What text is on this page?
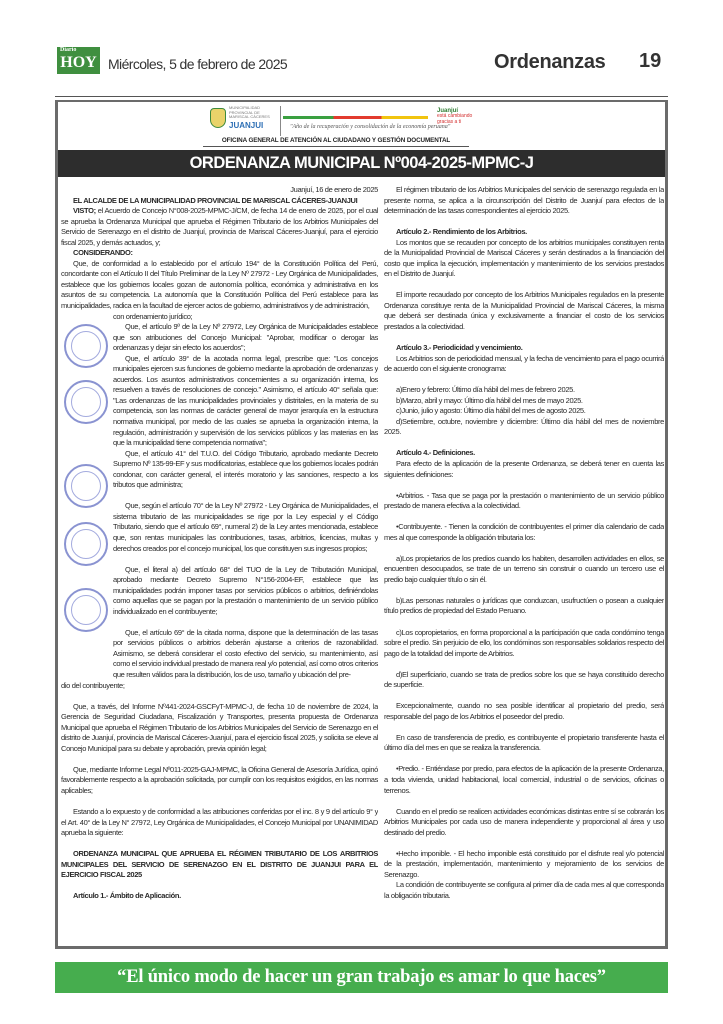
Diario
HOY Miércoles, 5 de febrero de 2025	Ordenanzas 19
MUNICIPALIDAD PROVINCIAL DE MARISCAL CÁCERES
JUANJUI	"Año de la recuperación y consolidación de la economía peruana"
Juanjuí
está cambiando gracias a ti
OFICINA GENERAL DE ATENCIÓN AL CIUDADANO Y GESTIÓN DOCUMENTAL
ORDENANZA MUNICIPAL Nº004-2025-MPMC-J

Juanjuí, 16 de enero de 2025

EL ALCALDE DE LA MUNICIPALIDAD PROVINCIAL DE MARISCAL CÁCERES-JUANJUI

VISTO; el Acuerdo de Concejo N°008-2025-MPMC-J/CM, de fecha 14 de enero de 2025, por el cual se aprueba la Ordenanza Municipal que aprueba el Régimen Tributario de los Arbitrios Municipales del Servicio de Serenazgo en el distrito de Juanjuí, provincia de Mariscal Cáceres-Juanjuí, para el ejercicio fiscal 2025, y demás actuados, y;

CONSIDERANDO:

Que, de conformidad a lo establecido por el artículo 194° de la Constitución Política del Perú, concordante con el Artículo II del Título Preliminar de la Ley Nº 27972 - Ley Orgánica de Municipalidades, establece que los gobiernos locales gozan de autonomía política, económica y administrativa en los asuntos de su competencia. La autonomía que la Constitución Política del Perú establece para las municipalidades, radica en la facultad de ejercer actos de gobierno, administrativos y de administración,

con ordenamiento jurídico;

Que, el artículo 9º de la Ley Nº 27972, Ley Orgánica de Municipalidades establece que son atribuciones del Concejo Municipal: "Aprobar, modificar o derogar las ordenanzas y dejar sin efecto los acuerdos";

Que, el artículo 39° de la acotada norma legal, prescribe que: "Los concejos municipales ejercen sus funciones de gobierno mediante la aprobación de ordenanzas y acuerdos. Los asuntos administrativos concernientes a su organización interna, los resuelven a través de resoluciones de concejo." Asimismo, el artículo 40° señala que: "Las ordenanzas de las municipalidades provinciales y distritales, en la materia de su competencia, son las normas de carácter general de mayor jerarquía en la estructura normativa municipal, por medio de las cuales se aprueba la organización interna, la regulación, administración y supervisión de los servicios públicos y las materias en las que la municipalidad tiene competencia normativa";

Que, el artículo 41° del T.U.O. del Código Tributario, aprobado mediante Decreto Supremo Nº 135-99-EF y sus modificatorias, establece que los gobiernos locales podrán condonar, con carácter general, el interés moratorio y las sanciones, respecto a los tributos que administra;

Que, según el artículo 70° de la Ley Nº 27972 - Ley Orgánica de Municipalidades, el sistema tributario de las municipalidades se rige por la Ley especial y el Código Tributario, siendo que el artículo 69°, numeral 2) de la Ley antes mencionada, establece que, son rentas municipales las contribuciones, tasas, arbitrios, licencias, multas y derechos creados por el concejo municipal, los que constituyen sus ingresos propios;

Que, el literal a) del artículo 68° del TUO de la Ley de Tributación Municipal, aprobado mediante Decreto Supremo N°156-2004-EF, establece que las municipalidades podrán imponer tasas por servicios públicos o arbitrios, definiéndolas como aquellas que se pagan por la prestación o mantenimiento de un servicio público individualizado en el contribuyente;

Que, el artículo 69° de la citada norma, dispone que la determinación de las tasas por servicios públicos o arbitrios deberán ajustarse a criterios de razonabilidad. Asimismo, se deberá considerar el costo efectivo del servicio, su mantenimiento, así como el servicio individual prestado de manera real y/o potencial, así como otros criterios que resulten válidos para la distribución, los de uso, tamaño y ubicación del pre-

dio del contribuyente;

Que, a través, del Informe Nº441-2024-GSCFyT-MPMC-J, de fecha 10 de noviembre de 2024, la Gerencia de Seguridad Ciudadana, Fiscalización y Transportes, presenta propuesta de Ordenanza Municipal que aprueba el Régimen Tributario de los Arbitrios Municipales del Servicio de Serenazgo en el distrito de Juanjuí, provincia de Mariscal Cáceres-Juanjuí, para el ejercicio fiscal 2025, y solicita se eleve al Concejo Municipal para su debate y aprobación, previa opinión legal;

Que, mediante Informe Legal Nº011-2025-GAJ-MPMC, la Oficina General de Asesoría Jurídica, opinó favorablemente respecto a la aprobación solicitada, por cumplir con los requisitos exigidos, en las normas aplicables;

Estando a lo expuesto y de conformidad a las atribuciones conferidas por el inc. 8 y 9 del artículo 9° y el Art. 40° de la Ley N° 27972, Ley Orgánica de Municipalidades, el Concejo Municipal por UNANIMIDAD aprueba la siguiente:

ORDENANZA MUNICIPAL QUE APRUEBA EL RÉGIMEN TRIBUTARIO DE LOS ARBITRIOS MUNICIPALES DEL SERVICIO DE SERENAZGO EN EL DISTRITO DE JUANJUI PARA EL EJERCICIO FISCAL 2025

Artículo 1.- Ámbito de Aplicación.

El régimen tributario de los Arbitrios Municipales del servicio de serenazgo regulada en la presente norma, se aplica a la circunscripción del Distrito de Juanjuí para efectos de la determinación de las tasas correspondientes al ejercicio 2025.

Artículo 2.- Rendimiento de los Arbitrios.

Los montos que se recauden por concepto de los arbitrios municipales constituyen renta de la Municipalidad Provincial de Mariscal Cáceres y serán destinados a la financiación del costo que implica la ejecución, implementación y mantenimiento de los servicios prestados en el Distrito de Juanjuí.

El importe recaudado por concepto de los Arbitrios Municipales regulados en la presente Ordenanza constituye renta de la Municipalidad Provincial de Mariscal Cáceres, la misma que deberá ser destinada única y exclusivamente a financiar el costo de los servicios prestados a la colectividad.

Artículo 3.- Periodicidad y vencimiento.

Los Arbitrios son de periodicidad mensual, y la fecha de vencimiento para el pago ocurrirá de acuerdo con el siguiente cronograma:

a)Enero y febrero: Último día hábil del mes de febrero 2025.

b)Marzo, abril y mayo: Último día hábil del mes de mayo 2025.

c)Junio, julio y agosto: Último día hábil del mes de agosto 2025.

d)Setiembre, octubre, noviembre y diciembre: Último día hábil del mes de noviembre 2025.

Artículo 4.- Definiciones.

Para efecto de la aplicación de la presente Ordenanza, se deberá tener en cuenta las siguientes definiciones:

•Arbitrios. - Tasa que se paga por la prestación o mantenimiento de un servicio público prestado de manera efectiva a la colectividad.

•Contribuyente. - Tienen la condición de contribuyentes el primer día calendario de cada mes al que corresponde la obligación tributaria los:

a)Los propietarios de los predios cuando los habiten, desarrollen actividades en ellos, se encuentren desocupados, se trate de un terreno sin construir o cuando un tercero use el predio bajo cualquier título o sin él.

b)Las personas naturales o jurídicas que conduzcan, usufructúen o posean a cualquier título predios de propiedad del Estado Peruano.

c)Los copropietarios, en forma proporcional a la participación que cada condómino tenga sobre el predio. Sin perjuicio de ello, los condóminos son responsables solidarios respecto del pago de la totalidad del importe de Arbitrios.

d)El superficiario, cuando se trata de predios sobre los que se haya constituido derecho de superficie.

Excepcionalmente, cuando no sea posible identificar al propietario del predio, será responsable del pago de los Arbitrios el poseedor del predio.

En caso de transferencia de predio, es contribuyente el propietario transferente hasta el último día del mes en que se realiza la transferencia.

•Predio. - Entiéndase por predio, para efectos de la aplicación de la presente Ordenanza, a toda vivienda, unidad habitacional, local comercial, industrial o de servicios, oficinas o terrenos.

Cuando en el predio se realicen actividades económicas distintas entre sí se cobrarán los Arbitrios Municipales por cada uso de manera independiente y proporcional al área y uso destinado del predio.

•Hecho imponible. - El hecho imponible está constituido por el disfrute real y/o potencial de la prestación, implementación, mantenimiento y mejoramiento de los servicios de Serenazgo.

La condición de contribuyente se configura al primer día de cada mes al que corresponda la obligación tributaria.

“El único modo de hacer un gran trabajo es amar lo que haces”
